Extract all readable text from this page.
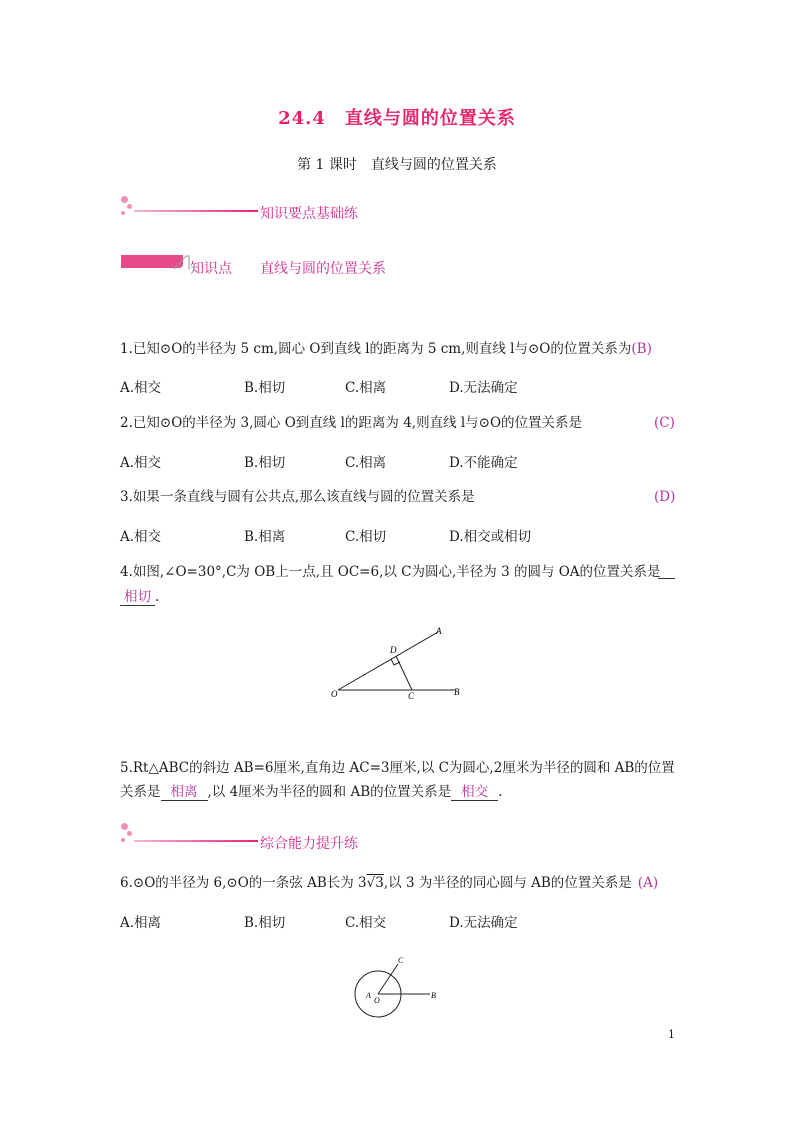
24.4　直线与圆的位置关系
第 1 课时　直线与圆的位置关系
知识要点基础练
知识点　　直线与圆的位置关系
1.已知⊙O的半径为 5 cm,圆心 O到直线 l的距离为 5 cm,则直线 l与⊙O的位置关系为(B)
A.相交	B.相切	C.相离	D.无法确定
2.已知⊙O的半径为 3,圆心 O到直线 l的距离为 4,则直线 l与⊙O的位置关系是	(C)
A.相交	B.相切	C.相离	D.不能确定
3.如果一条直线与圆有公共点,那么该直线与圆的位置关系是	(D)
A.相交	B.相离	C.相切	D.相交或相切
4.如图,∠O=30°,C为 OB上一点,且 OC=6,以 C为圆心,半径为 3 的圆与 OA的位置关系是
相切 .
A
D
O	C	B
5.Rt△ABC的斜边 AB=6厘米,直角边 AC=3厘米,以 C为圆心,2厘米为半径的圆和 AB的位置
关系是 相离 ,以 4厘米为半径的圆和 AB的位置关系是 相交 .
综合能力提升练
6.⊙O的半径为 6,⊙O的一条弦 AB长为 3√3,以 3 为半径的同心圆与 AB的位置关系是 (A)
A.相离	B.相切	C.相交	D.无法确定
C
A
O
B
1
